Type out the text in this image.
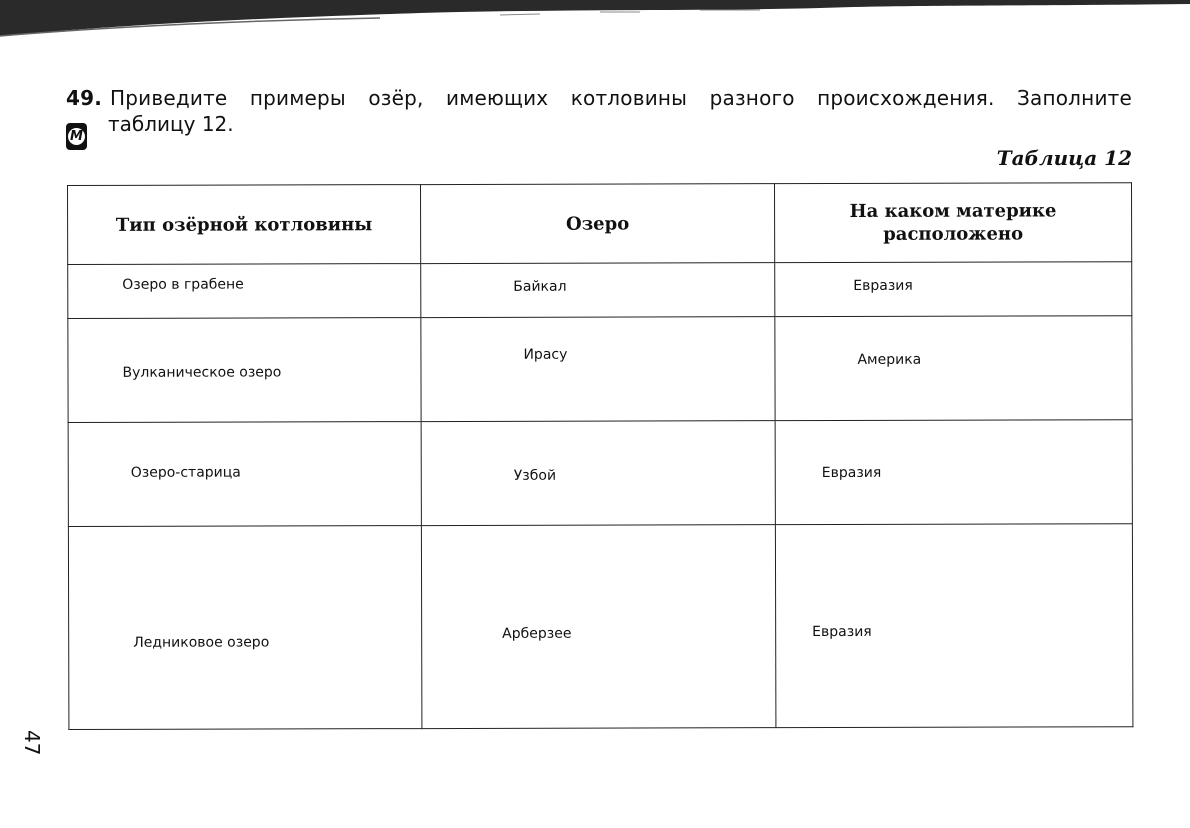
49. Приведите примеры озёр, имеющих котловины разного происхождения. Заполните
таблицу 12.
М
Таблица 12
Тип озёрной котловины	Озеро	На каком материке расположено

Озеро в грабене	Байкал	Евразия

Вулканическое озеро	Ирасу	Америка

Озеро-старица	Узбой	Евразия

Ледниковое озеро	Арберзее	Евразия
47
